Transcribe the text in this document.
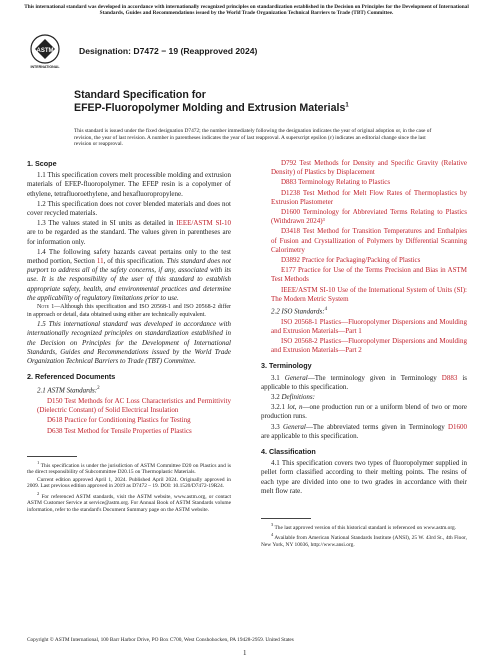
This international standard was developed in accordance with internationally recognized principles on standardization established in the Decision on Principles for the Development of International Standards, Guides and Recommendations issued by the World Trade Organization Technical Barriers to Trade (TBT) Committee.
ASTM
INTERNATIONAL
Designation: D7472 − 19 (Reapproved 2024)
Standard Specification for
EFEP-Fluoropolymer Molding and Extrusion Materials$^1$
This standard is issued under the fixed designation D7472; the number immediately following the designation indicates the year of original adoption or, in the case of revision, the year of last revision. A number in parentheses indicates the year of last reapproval. A superscript epsilon (ε) indicates an editorial change since the last revision or reapproval.
1. Scope

1.1 This specification covers melt processible molding and extrusion materials of EFEP-fluoropolymer. The EFEP resin is a copolymer of ethylene, tetrafluoroethylene, and hexafluoropropylene.

1.2 This specification does not cover blended materials and does not cover recycled materials.

1.3 The values stated in SI units as detailed in IEEE/ASTM SI-10 are to be regarded as the standard. The values given in parentheses are for information only.

1.4 The following safety hazards caveat pertains only to the test method portion, Section 11, of this specification. This standard does not purport to address all of the safety concerns, if any, associated with its use. It is the responsibility of the user of this standard to establish appropriate safety, health, and environmental practices and determine the applicability of regulatory limitations prior to use.

Note 1—Although this specification and ISO 20568-1 and ISO 20568-2 differ in approach or detail, data obtained using either are technically equivalent.

1.5 This international standard was developed in accordance with internationally recognized principles on standardization established in the Decision on Principles for the Development of International Standards, Guides and Recommendations issued by the World Trade Organization Technical Barriers to Trade (TBT) Committee.

2. Referenced Documents

2.1 ASTM Standards:$^2$

D150 Test Methods for AC Loss Characteristics and Permittivity (Dielectric Constant) of Solid Electrical Insulation

D618 Practice for Conditioning Plastics for Testing

D638 Test Method for Tensile Properties of Plastics

$^1$ This specification is under the jurisdiction of ASTM Committee D20 on Plastics and is the direct responsibility of Subcommittee D20.15 on Thermoplastic Materials.

Current edition approved April 1, 2024. Published April 2024. Originally approved in 2009. Last previous edition approved in 2019 as D7472 – 19. DOI: 10.1520/D7472-19R24.

$^2$ For referenced ASTM standards, visit the ASTM website, www.astm.org, or contact ASTM Customer Service at service@astm.org. For Annual Book of ASTM Standards volume information, refer to the standard's Document Summary page on the ASTM website.

D792 Test Methods for Density and Specific Gravity (Relative Density) of Plastics by Displacement

D883 Terminology Relating to Plastics

D1238 Test Method for Melt Flow Rates of Thermoplastics by Extrusion Plastometer

D1600 Terminology for Abbreviated Terms Relating to Plastics (Withdrawn 2024)³

D3418 Test Method for Transition Temperatures and Enthalpies of Fusion and Crystallization of Polymers by Differential Scanning Calorimetry

D3892 Practice for Packaging/Packing of Plastics

E177 Practice for Use of the Terms Precision and Bias in ASTM Test Methods

IEEE/ASTM SI-10 Use of the International System of Units (SI): The Modern Metric System

2.2 ISO Standards:$^4$

ISO 20568-1 Plastics—Fluoropolymer Dispersions and Moulding and Extrusion Materials—Part 1

ISO 20568-2 Plastics—Fluoropolymer Dispersions and Moulding and Extrusion Materials—Part 2

3. Terminology

3.1 General—The terminology given in Terminology D883 is applicable to this specification.

3.2 Definitions:

3.2.1 lot, n—one production run or a uniform blend of two or more production runs.

3.3 General—The abbreviated terms given in Terminology D1600 are applicable to this specification.

4. Classification

4.1 This specification covers two types of fluoropolymer supplied in pellet form classified according to their melting points. The resins of each type are divided into one to two grades in accordance with their melt flow rate.

$^3$ The last approved version of this historical standard is referenced on www.astm.org.

$^4$ Available from American National Standards Institute (ANSI), 25 W. 43rd St., 4th Floor, New York, NY 10036, http://www.ansi.org.

Copyright © ASTM International, 100 Barr Harbor Drive, PO Box C700, West Conshohocken, PA 19428-2959. United States
1
